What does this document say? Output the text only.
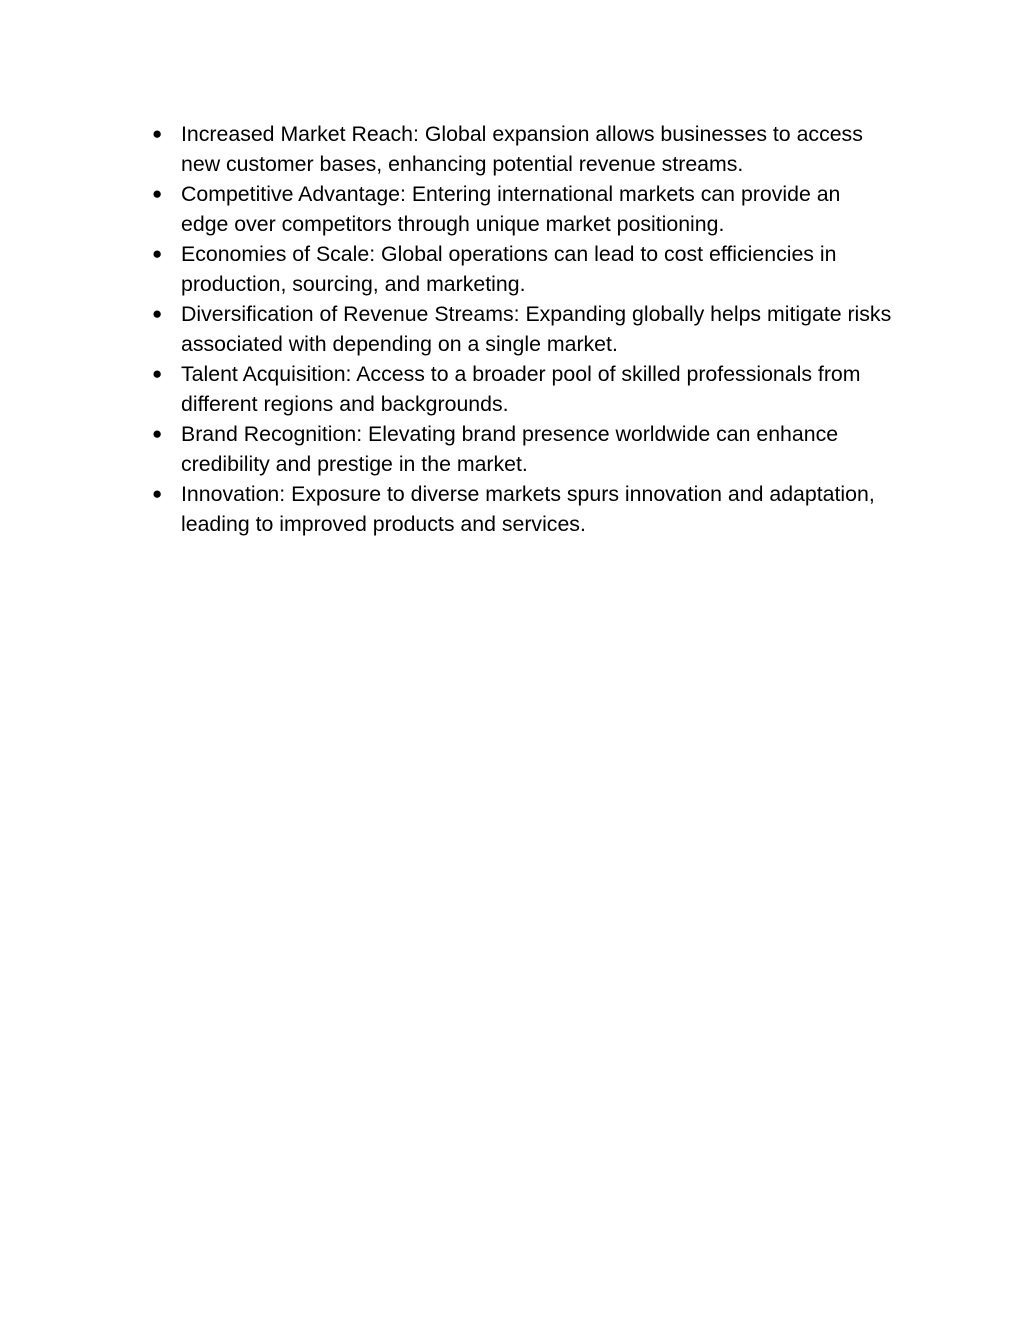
● Increased Market Reach: Global expansion allows businesses to access new customer bases, enhancing potential revenue streams.
● Competitive Advantage: Entering international markets can provide an edge over competitors through unique market positioning.
● Economies of Scale: Global operations can lead to cost efficiencies in production, sourcing, and marketing.
● Diversification of Revenue Streams: Expanding globally helps mitigate risks associated with depending on a single market.
● Talent Acquisition: Access to a broader pool of skilled professionals from different regions and backgrounds.
● Brand Recognition: Elevating brand presence worldwide can enhance credibility and prestige in the market.
● Innovation: Exposure to diverse markets spurs innovation and adaptation, leading to improved products and services.
